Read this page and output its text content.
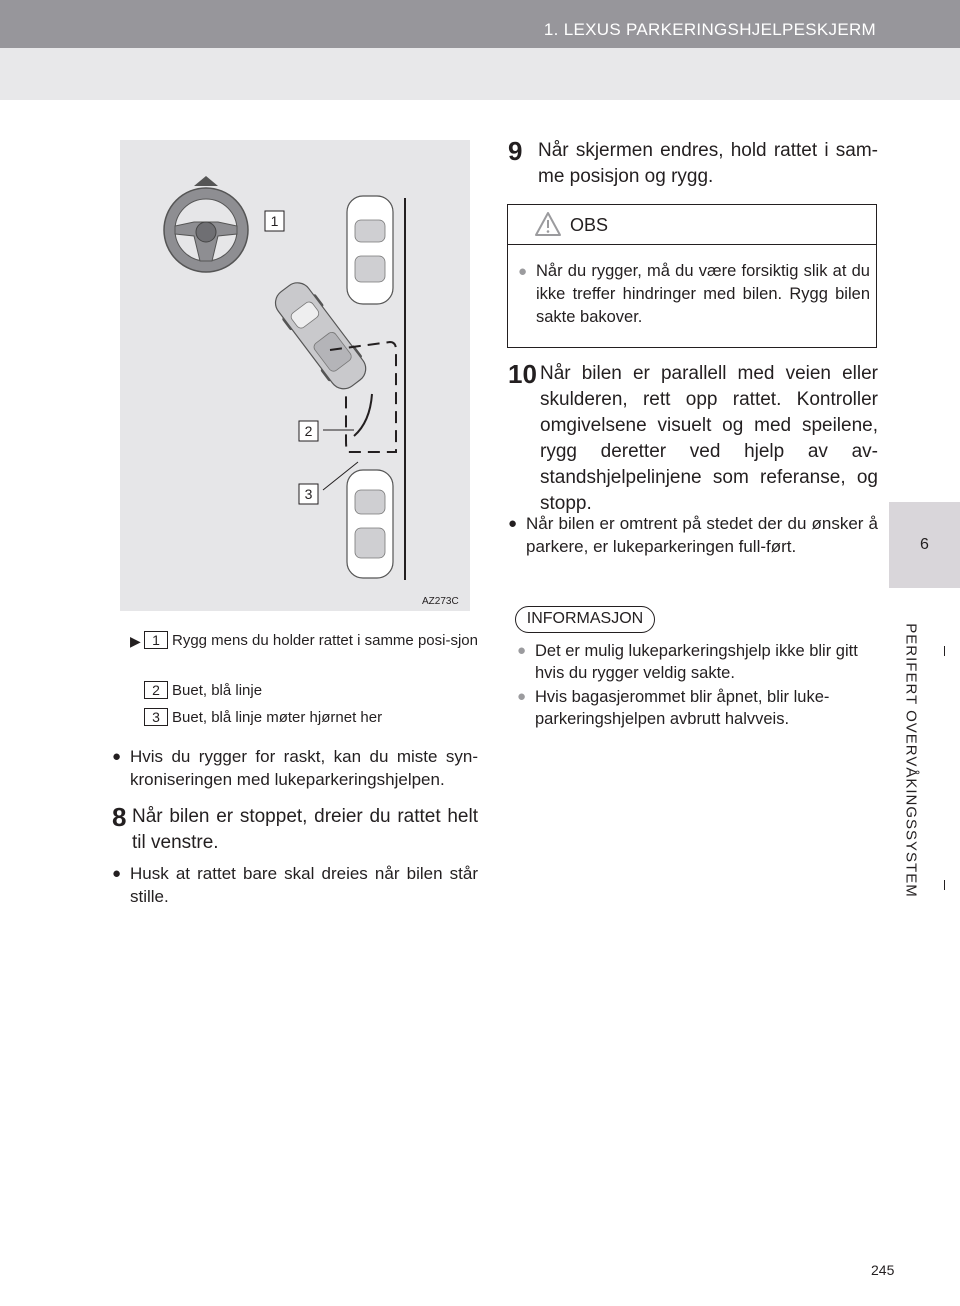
1. LEXUS PARKERINGSHJELPESKJERM
6
PERIFERT OVERVÅKINGSSYSTEM
1
2
3
AZ273C
▶ 1 Rygg mens du holder rattet i samme posi-sjon
2 Buet, blå linje
3 Buet, blå linje møter hjørnet her
● Hvis du rygger for raskt, kan du miste syn-kroniseringen med lukeparkeringshjelpen.
8 Når bilen er stoppet, dreier du rattet helt til venstre.
● Husk at rattet bare skal dreies når bilen står stille.
9 Når skjermen endres, hold rattet i sam-me posisjon og rygg.
OBS
● Når du rygger, må du være forsiktig slik at du ikke treffer hindringer med bilen. Rygg bilen sakte bakover.
10 Når bilen er parallell med veien eller skulderen, rett opp rattet. Kontroller omgivelsene visuelt og med speilene, rygg deretter ved hjelp av av-standshjelpelinjene som referanse, og stopp.
● Når bilen er omtrent på stedet der du ønsker å parkere, er lukeparkeringen full-ført.
INFORMASJON
● Det er mulig lukeparkeringshjelp ikke blir gitt hvis du rygger veldig sakte.
● Hvis bagasjerommet blir åpnet, blir luke-parkeringshjelpen avbrutt halvveis.
245
